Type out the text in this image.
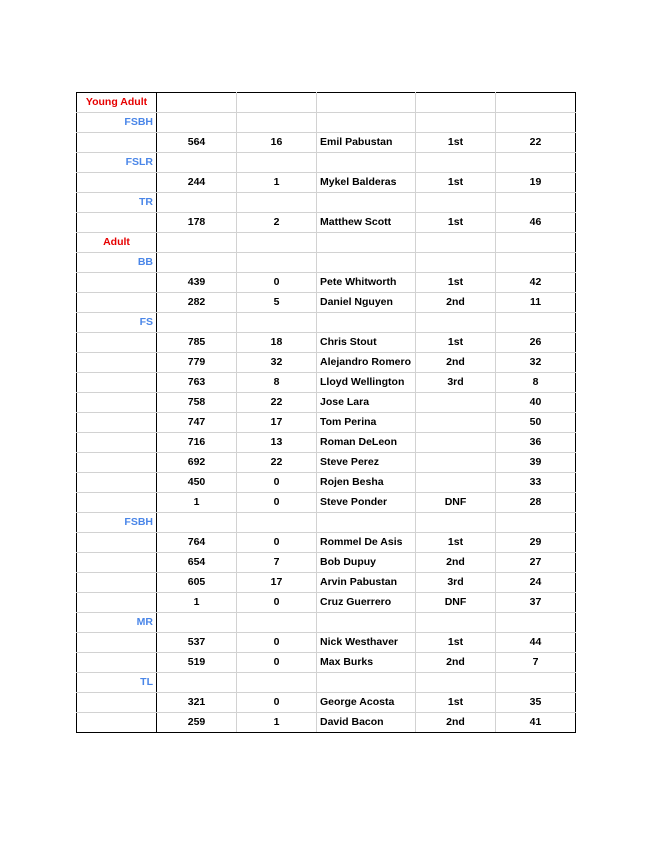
Young Adult					
FSBH					
	564	16	Emil Pabustan	1st	22
FSLR					
	244	1	Mykel Balderas	1st	19
TR					
	178	2	Matthew Scott	1st	46
Adult					
BB					
	439	0	Pete Whitworth	1st	42
	282	5	Daniel Nguyen	2nd	11
FS					
	785	18	Chris Stout	1st	26
	779	32	Alejandro Romero	2nd	32
	763	8	Lloyd Wellington	3rd	8
	758	22	Jose Lara		40
	747	17	Tom Perina		50
	716	13	Roman DeLeon		36
	692	22	Steve Perez		39
	450	0	Rojen Besha		33
	1	0	Steve Ponder	DNF	28
FSBH					
	764	0	Rommel De Asis	1st	29
	654	7	Bob Dupuy	2nd	27
	605	17	Arvin Pabustan	3rd	24
	1	0	Cruz Guerrero	DNF	37
MR					
	537	0	Nick Westhaver	1st	44
	519	0	Max Burks	2nd	7
TL					
	321	0	George Acosta	1st	35
	259	1	David Bacon	2nd	41
